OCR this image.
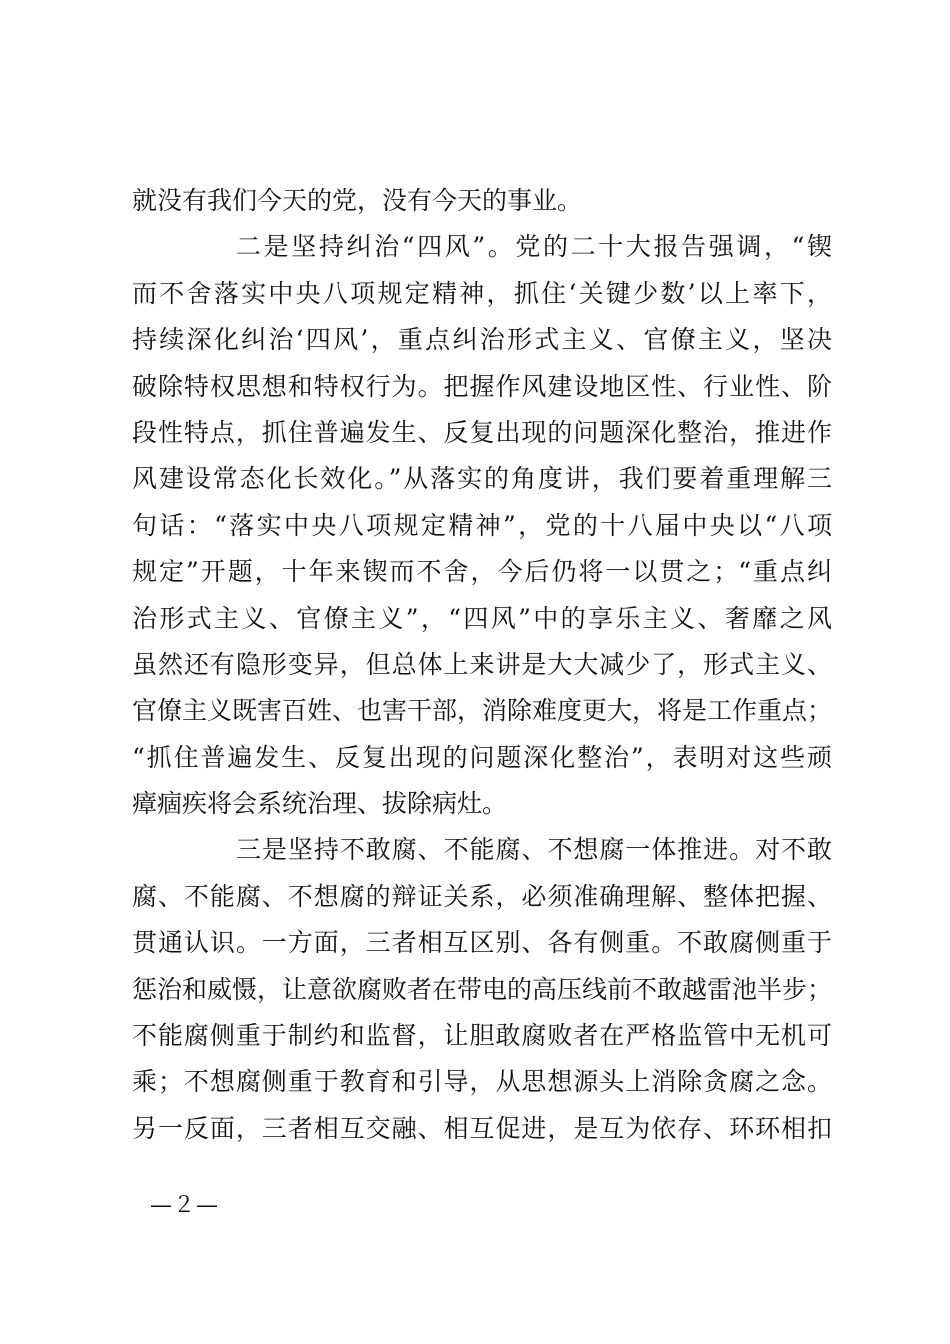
就没有我们今天的党，没有今天的事业。
二是坚持纠治“四风”。党的二十大报告强调，“锲
而不舍落实中央八项规定精神，抓住‘关键少数’以上率下，
持续深化纠治‘四风’，重点纠治形式主义、官僚主义，坚决
破除特权思想和特权行为。把握作风建设地区性、行业性、阶
段性特点，抓住普遍发生、反复出现的问题深化整治，推进作
风建设常态化长效化。”从落实的角度讲，我们要着重理解三
句话：“落实中央八项规定精神”，党的十八届中央以“八项
规定”开题，十年来锲而不舍，今后仍将一以贯之；“重点纠
治形式主义、官僚主义”，“四风”中的享乐主义、奢靡之风
虽然还有隐形变异，但总体上来讲是大大减少了，形式主义、
官僚主义既害百姓、也害干部，消除难度更大，将是工作重点；
“抓住普遍发生、反复出现的问题深化整治”，表明对这些顽
瘴痼疾将会系统治理、拔除病灶。
三是坚持不敢腐、不能腐、不想腐一体推进。对不敢
腐、不能腐、不想腐的辩证关系，必须准确理解、整体把握、
贯通认识。一方面，三者相互区别、各有侧重。不敢腐侧重于
惩治和威慑，让意欲腐败者在带电的高压线前不敢越雷池半步；
不能腐侧重于制约和监督，让胆敢腐败者在严格监管中无机可
乘；不想腐侧重于教育和引导，从思想源头上消除贪腐之念。
另一反面，三者相互交融、相互促进，是互为依存、环环相扣
—２—
